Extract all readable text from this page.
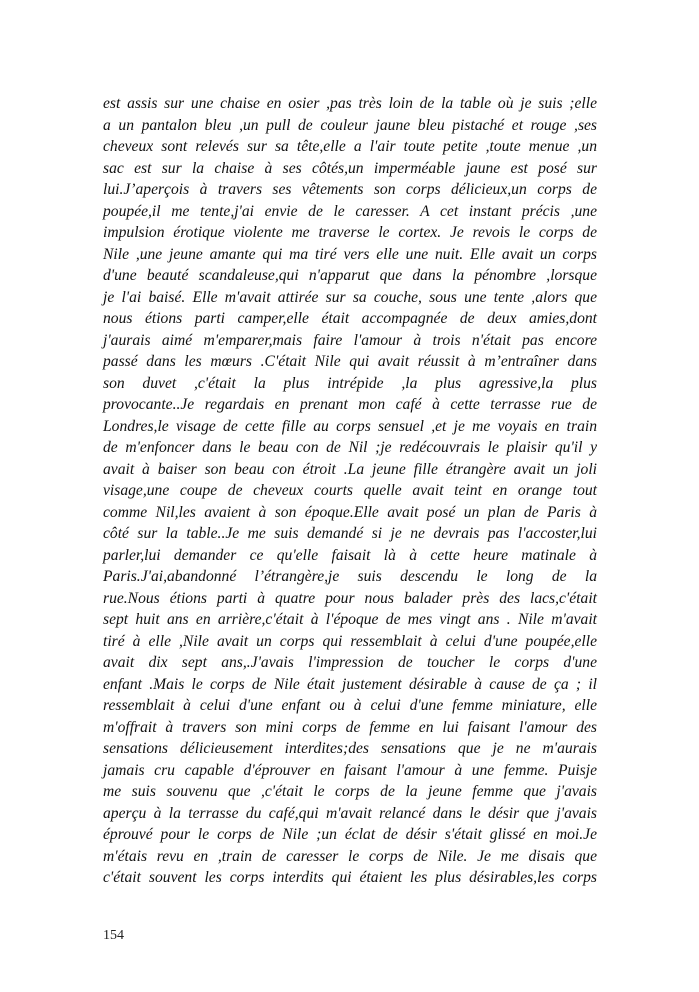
est assis sur une chaise en osier ,pas très loin de la table où je suis ;elle
a un pantalon bleu ,un pull de couleur jaune bleu pistaché et rouge ,ses
cheveux sont relevés sur sa tête,elle a l'air toute petite ,toute menue ,un
sac est sur la chaise à ses côtés,un imperméable jaune est posé sur
lui.J’aperçois à travers ses vêtements son corps délicieux,un corps de
poupée,il me tente,j'ai envie de le caresser. A cet instant précis ,une
impulsion érotique violente me traverse le cortex. Je revois le corps de
Nile ,une jeune amante qui ma tiré vers elle une nuit. Elle avait un corps
d'une beauté scandaleuse,qui n'apparut que dans la pénombre ,lorsque
je l'ai baisé. Elle m'avait attirée sur sa couche, sous une tente ,alors que
nous étions parti camper,elle était accompagnée de deux amies,dont
j'aurais aimé m'emparer,mais faire l'amour à trois n'était pas encore
passé dans les mœurs .C'était Nile qui avait réussit à m’entraîner dans
son duvet ,c'était la plus intrépide ,la plus agressive,la plus
provocante..Je regardais en prenant mon café à cette terrasse rue de
Londres,le visage de cette fille au corps sensuel ,et je me voyais en train
de m'enfoncer dans le beau con de Nil ;je redécouvrais le plaisir qu'il y
avait à baiser son beau con étroit .La jeune fille étrangère avait un joli
visage,une coupe de cheveux courts quelle avait teint en orange tout
comme Nil,les avaient à son époque.Elle avait posé un plan de Paris à
côté sur la table..Je me suis demandé si je ne devrais pas l'accoster,lui
parler,lui demander ce qu'elle faisait là à cette heure matinale à
Paris.J'ai,abandonné l’étrangère,je suis descendu le long de la
rue.Nous étions parti à quatre pour nous balader près des lacs,c'était
sept huit ans en arrière,c'était à l'époque de mes vingt ans . Nile m'avait
tiré à elle ,Nile avait un corps qui ressemblait à celui d'une poupée,elle
avait dix sept ans,.J'avais l'impression de toucher le corps d'une
enfant .Mais le corps de Nile était justement désirable à cause de ça ; il
ressemblait à celui d'une enfant ou à celui d'une femme miniature, elle
m'offrait à travers son mini corps de femme en lui faisant l'amour des
sensations délicieusement interdites;des sensations que je ne m'aurais
jamais cru capable d'éprouver en faisant l'amour à une femme. Puisje
me suis souvenu que ,c'était le corps de la jeune femme que j'avais
aperçu à la terrasse du café,qui m'avait relancé dans le désir que j'avais
éprouvé pour le corps de Nile ;un éclat de désir s'était glissé en moi.Je
m'étais revu en ,train de caresser le corps de Nile. Je me disais que
c'était souvent les corps interdits qui étaient les plus désirables,les corps
154
